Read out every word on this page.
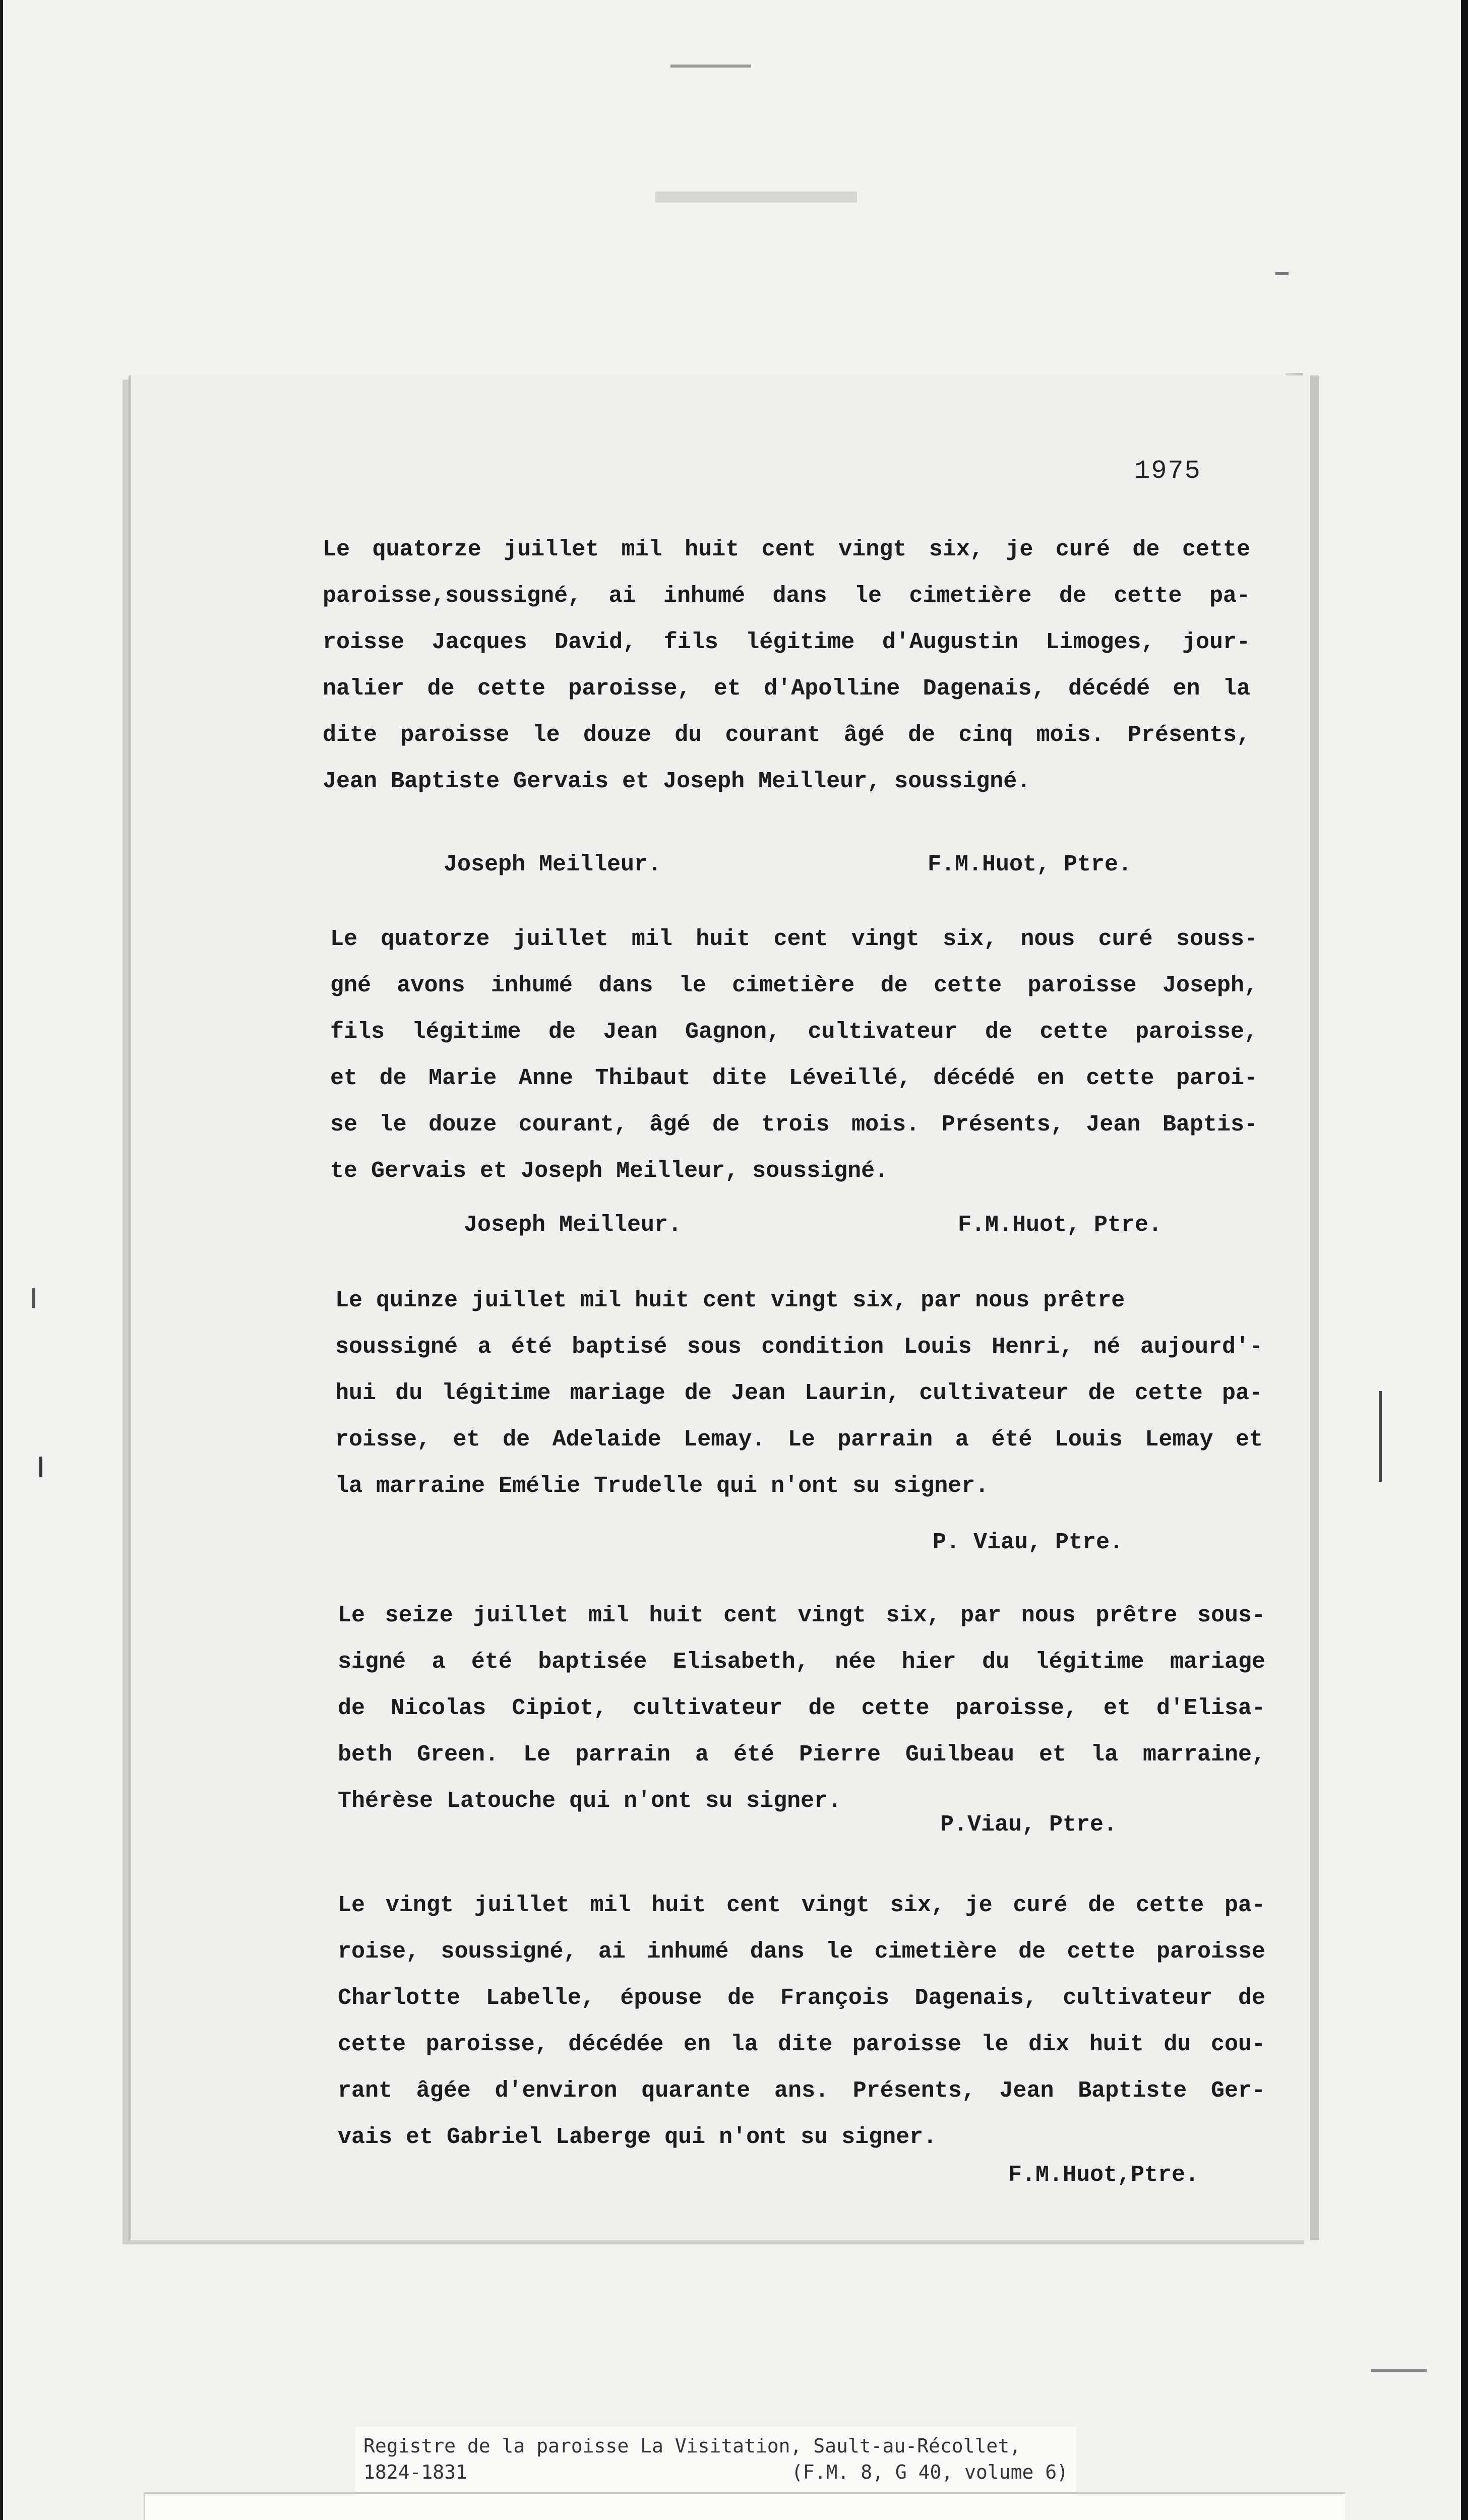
1975
Le quatorze juillet mil huit cent vingt six, je curé de cette
paroisse,soussigné, ai inhumé dans le cimetière de cette pa-
roisse Jacques David, fils légitime d'Augustin Limoges, jour-
nalier de cette paroisse, et d'Apolline Dagenais, décédé en la
dite paroisse le douze du courant âgé de cinq mois. Présents,
Jean Baptiste Gervais et Joseph Meilleur, soussigné.
Joseph Meilleur.	F.M.Huot, Ptre.
Le quatorze juillet mil huit cent vingt six, nous curé souss-
gné avons inhumé dans le cimetière de cette paroisse Joseph,
fils légitime de Jean Gagnon, cultivateur de cette paroisse,
et de Marie Anne Thibaut dite Léveillé, décédé en cette paroi-
se le douze courant, âgé de trois mois. Présents, Jean Baptis-
te Gervais et Joseph Meilleur, soussigné.
Joseph Meilleur.	F.M.Huot, Ptre.
Le quinze juillet mil huit cent vingt six, par nous prêtre
soussigné a été baptisé sous condition Louis Henri, né aujourd'-
hui du légitime mariage de Jean Laurin, cultivateur de cette pa-
roisse, et de Adelaide Lemay. Le parrain a été Louis Lemay et
la marraine Emélie Trudelle qui n'ont su signer.
P. Viau, Ptre.
Le seize juillet mil huit cent vingt six, par nous prêtre sous-
signé a été baptisée Elisabeth, née hier du légitime mariage
de Nicolas Cipiot, cultivateur de cette paroisse, et d'Elisa-
beth Green. Le parrain a été Pierre Guilbeau et la marraine,
Thérèse Latouche qui n'ont su signer.
P.Viau, Ptre.
Le vingt juillet mil huit cent vingt six, je curé de cette pa-
roise, soussigné, ai inhumé dans le cimetière de cette paroisse
Charlotte Labelle, épouse de François Dagenais, cultivateur de
cette paroisse, décédée en la dite paroisse le dix huit du cou-
rant âgée d'environ quarante ans. Présents, Jean Baptiste Ger-
vais et Gabriel Laberge qui n'ont su signer.
F.M.Huot,Ptre.
Registre de la paroisse La Visitation, Sault-au-Récollet,
1824-1831	(F.M. 8, G 40, volume 6)
